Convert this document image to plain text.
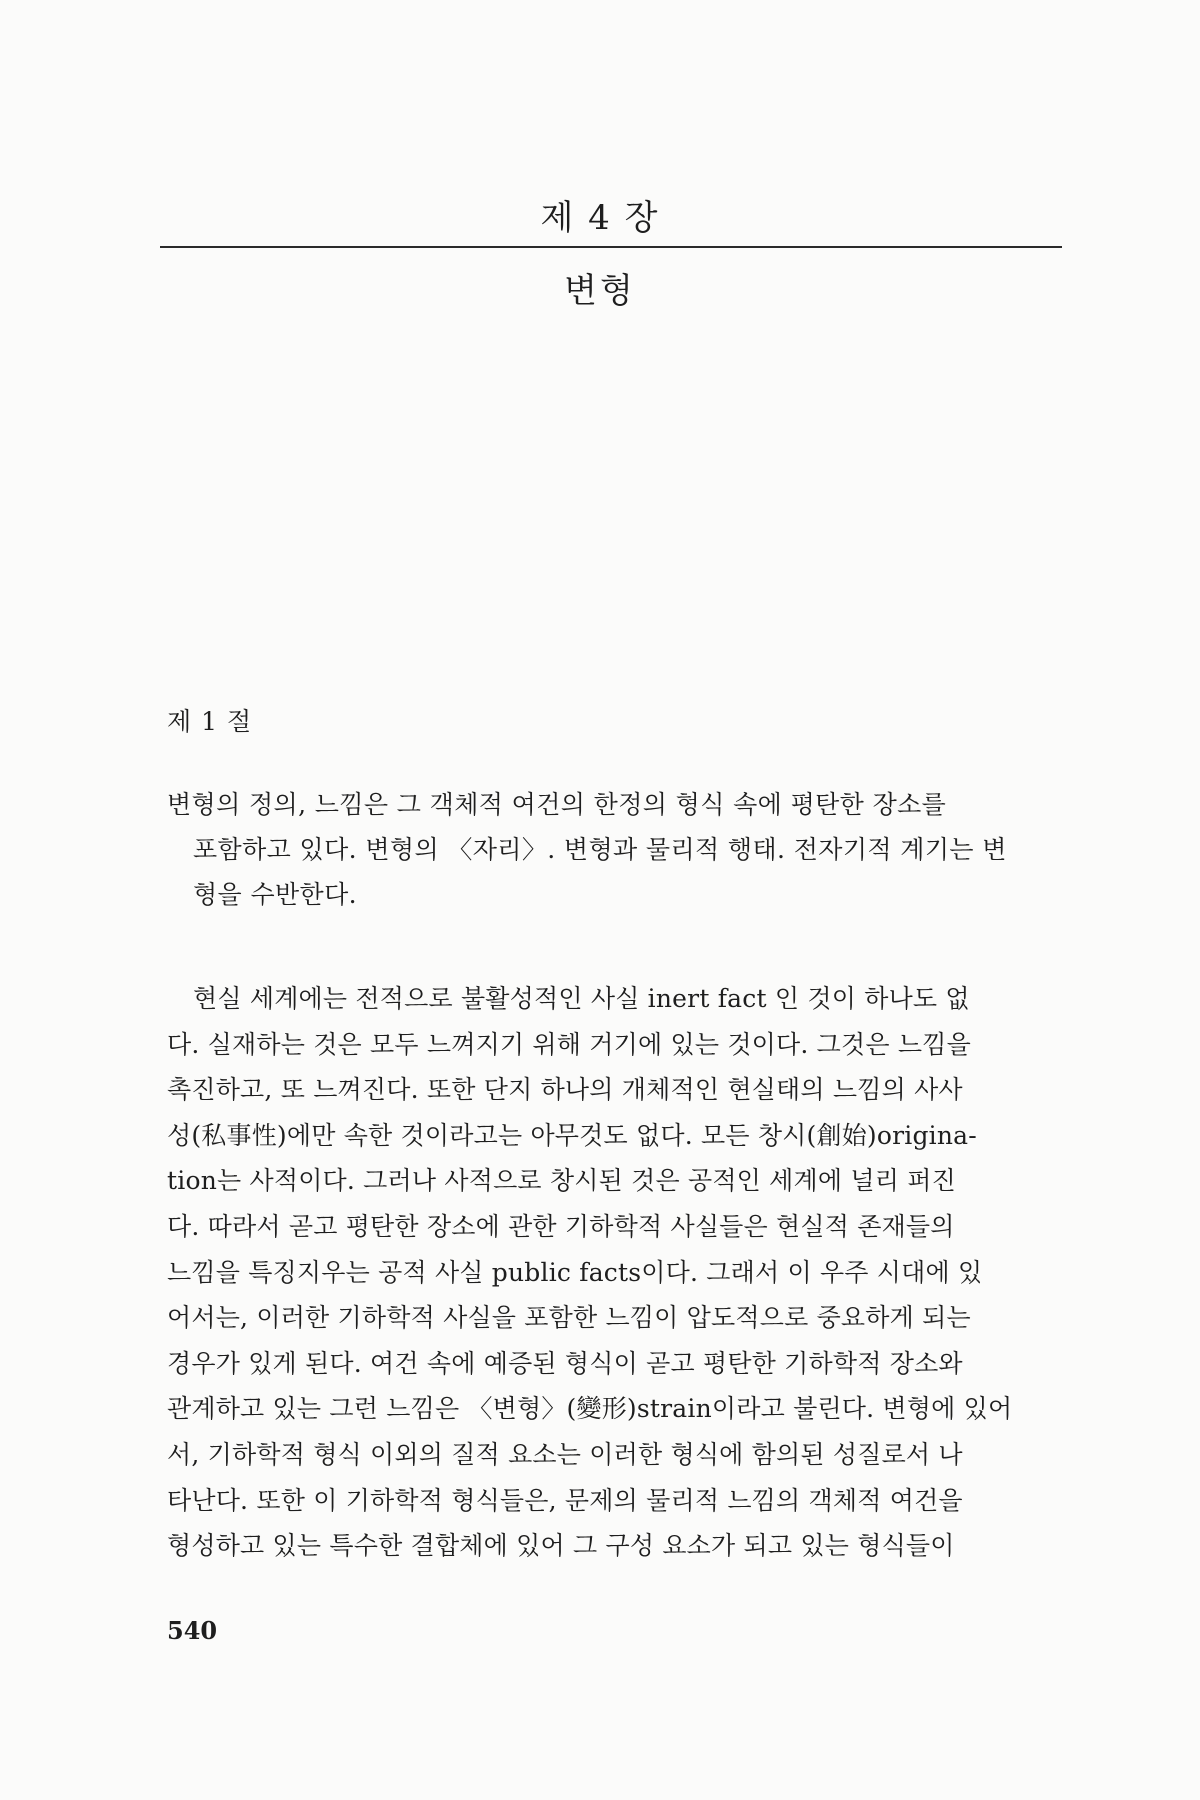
제 4 장
변형
제 1 절
변형의 정의, 느낌은 그 객체적 여건의 한정의 형식 속에 평탄한 장소를
포함하고 있다. 변형의 〈자리〉. 변형과 물리적 행태. 전자기적 계기는 변
형을 수반한다.
현실 세계에는 전적으로 불활성적인 사실 inert fact 인 것이 하나도 없
다. 실재하는 것은 모두 느껴지기 위해 거기에 있는 것이다. 그것은 느낌을
촉진하고, 또 느껴진다. 또한 단지 하나의 개체적인 현실태의 느낌의 사사
성(私事性)에만 속한 것이라고는 아무것도 없다. 모든 창시(創始)origina-
tion는 사적이다. 그러나 사적으로 창시된 것은 공적인 세계에 널리 퍼진
다. 따라서 곧고 평탄한 장소에 관한 기하학적 사실들은 현실적 존재들의
느낌을 특징지우는 공적 사실 public facts이다. 그래서 이 우주 시대에 있
어서는, 이러한 기하학적 사실을 포함한 느낌이 압도적으로 중요하게 되는
경우가 있게 된다. 여건 속에 예증된 형식이 곧고 평탄한 기하학적 장소와
관계하고 있는 그런 느낌은 〈변형〉(變形)strain이라고 불린다. 변형에 있어
서, 기하학적 형식 이외의 질적 요소는 이러한 형식에 함의된 성질로서 나
타난다. 또한 이 기하학적 형식들은, 문제의 물리적 느낌의 객체적 여건을
형성하고 있는 특수한 결합체에 있어 그 구성 요소가 되고 있는 형식들이
540
